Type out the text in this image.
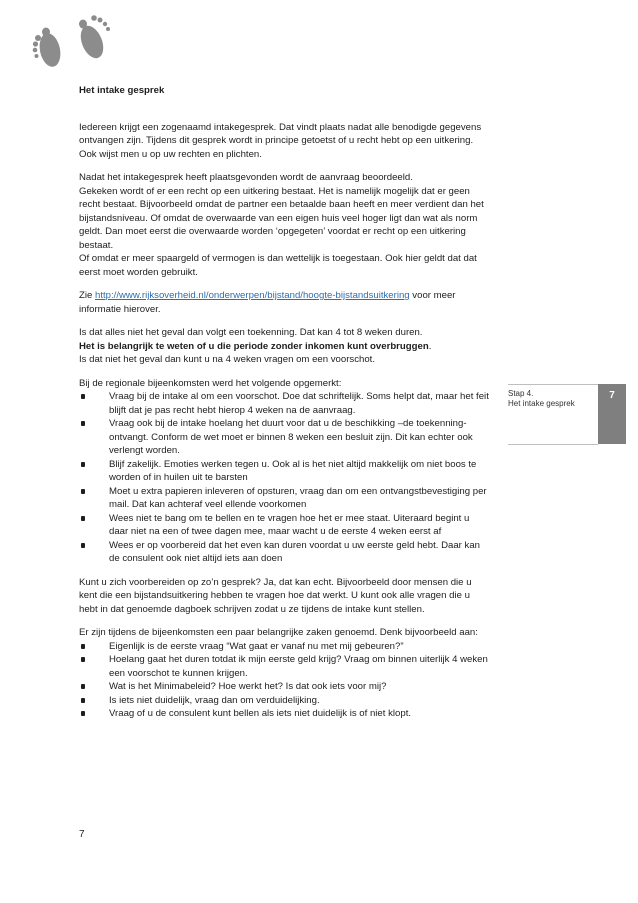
Het intake gesprek

Iedereen krijgt een zogenaamd intakegesprek. Dat vindt plaats nadat alle benodigde gegevens ontvangen zijn. Tijdens dit gesprek wordt in principe getoetst of u recht hebt op een uitkering. Ook wijst men u op uw rechten en plichten.

Nadat het intakegesprek heeft plaatsgevonden wordt de aanvraag beoordeeld.
Gekeken wordt of er een recht op een uitkering bestaat. Het is namelijk mogelijk dat er geen recht bestaat. Bijvoorbeeld omdat de partner een betaalde baan heeft en meer verdient dan het bijstandsniveau. Of omdat de overwaarde van een eigen huis veel hoger ligt dan wat als norm geldt. Dan moet eerst die overwaarde worden ‘opgegeten’ voordat er recht op een uitkering bestaat.
Of omdat er meer spaargeld of vermogen is dan wettelijk is toegestaan. Ook hier geldt dat dat eerst moet worden gebruikt.

Zie http://www.rijksoverheid.nl/onderwerpen/bijstand/hoogte-bijstandsuitkering voor meer informatie hierover.

Is dat alles niet het geval dan volgt een toekenning. Dat kan 4 tot 8 weken duren.
Het is belangrijk te weten of u die periode zonder inkomen kunt overbruggen.
Is dat niet het geval dan kunt u na 4 weken vragen om een voorschot.

Bij de regionale bijeenkomsten werd het volgende opgemerkt:

Vraag bij de intake al om een voorschot. Doe dat schriftelijk. Soms helpt dat, maar het feit blijft dat je pas recht hebt hierop 4 weken na de aanvraag.
Vraag ook bij de intake hoelang het duurt voor dat u de beschikking –de toekenning- ontvangt. Conform de wet moet er binnen 8 weken een besluit zijn. Dit kan echter ook verlengt worden.
Blijf zakelijk. Emoties werken tegen u. Ook al is het niet altijd makkelijk om niet boos te worden of in huilen uit te barsten
Moet u extra papieren inleveren of opsturen, vraag dan om een ontvangstbevestiging per mail. Dat kan achteraf veel ellende voorkomen
Wees niet te bang om te bellen en te vragen hoe het er mee staat. Uiteraard begint u daar niet na een of twee dagen mee, maar wacht u de eerste 4 weken eerst af
Wees er op voorbereid dat het even kan duren voordat u uw eerste geld hebt. Daar kan de consulent ook niet altijd iets aan doen

Kunt u zich voorbereiden op zo’n gesprek? Ja, dat kan echt. Bijvoorbeeld door mensen die u kent die een bijstandsuitkering hebben te vragen hoe dat werkt. U kunt ook alle vragen die u hebt in dat genoemde dagboek schrijven zodat u ze tijdens de intake kunt stellen.

Er zijn tijdens de bijeenkomsten een paar belangrijke zaken genoemd. Denk bijvoorbeeld aan:

Eigenlijk is de eerste vraag “Wat gaat er vanaf nu met mij gebeuren?”
Hoelang gaat het duren totdat ik mijn eerste geld krijg? Vraag om binnen uiterlijk 4 weken een voorschot te kunnen krijgen.
Wat is het Minimabeleid? Hoe werkt het? Is dat ook iets voor mij?
Is iets niet duidelijk, vraag dan om verduidelijking.
Vraag of u de consulent kunt bellen als iets niet duidelijk is of niet klopt.
Stap 4.
Het intake gesprek
7
7
